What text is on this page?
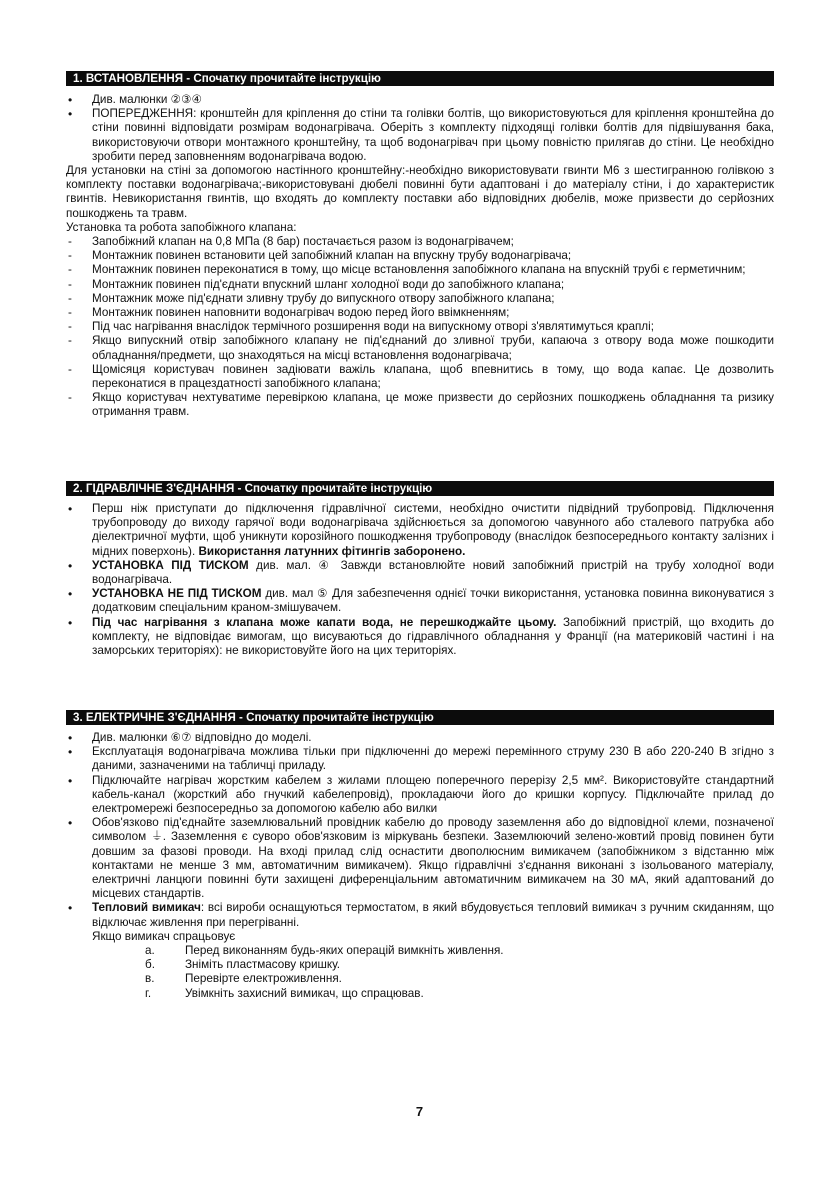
1. ВСТАНОВЛЕННЯ - Спочатку прочитайте інструкцію
• Див. малюнки ②③④
• ПОПЕРЕДЖЕННЯ: кронштейн для кріплення до стіни та голівки болтів, що використовуються для кріплення кронштейна до стіни повинні відповідати розмірам водонагрівача. Оберіть з комплекту підходящі голівки болтів для підвішування бака, використовуючи отвори монтажного кронштейну, та щоб водонагрівач при цьому повністю прилягав до стіни. Це необхідно зробити перед заповненням водонагрівача водою.

Для установки на стіні за допомогою настінного кронштейну:-необхідно використовувати гвинти М6 з шестигранною голівкою з комплекту поставки водонагрівача;-використовувані дюбелі повинні бути адаптовані і до матеріалу стіни, і до характеристик гвинтів. Невикористання гвинтів, що входять до комплекту поставки або відповідних дюбелів, може призвести до серйозних пошкоджень та травм.

Установка та робота запобіжного клапана:

- Запобіжний клапан на 0,8 МПа (8 бар) постачається разом із водонагрівачем;
- Монтажник повинен встановити цей запобіжний клапан на впускну трубу водонагрівача;
- Монтажник повинен переконатися в тому, що місце встановлення запобіжного клапана на впускній трубі є герметичним;
- Монтажник повинен під'єднати впускний шланг холодної води до запобіжного клапана;
- Монтажник може під'єднати зливну трубу до випускного отвору запобіжного клапана;
- Монтажник повинен наповнити водонагрівач водою перед його ввімкненням;
- Під час нагрівання внаслідок термічного розширення води на випускному отворі з'являтимуться краплі;
- Якщо випускний отвір запобіжного клапану не під'єднаний до зливної труби, капаюча з отвору вода може пошкодити обладнання/предмети, що знаходяться на місці встановлення водонагрівача;
- Щомісяця користувач повинен задіювати важіль клапана, щоб впевнитись в тому, що вода капає. Це дозволить переконатися в працездатності запобіжного клапана;
- Якщо користувач нехтуватиме перевіркою клапана, це може призвести до серйозних пошкоджень обладнання та ризику отримання травм.
2. ГІДРАВЛІЧНЕ З'ЄДНАННЯ - Спочатку прочитайте інструкцію
• Перш ніж приступати до підключення гідравлічної системи, необхідно очистити підвідний трубопровід. Підключення трубопроводу до виходу гарячої води водонагрівача здійснюється за допомогою чавунного або сталевого патрубка або діелектричної муфти, щоб уникнути корозійного пошкодження трубопроводу (внаслідок безпосереднього контакту залізних і мідних поверхонь). Використання латунних фітингів заборонено.
• УСТАНОВКА ПІД ТИСКОМ див. мал. ④ Завжди встановлюйте новий запобіжний пристрій на трубу холодної води водонагрівача.
• УСТАНОВКА НЕ ПІД ТИСКОМ див. мал ⑤ Для забезпечення однієї точки використання, установка повинна виконуватися з додатковим спеціальним краном-змішувачем.
• Під час нагрівання з клапана може капати вода, не перешкоджайте цьому. Запобіжний пристрій, що входить до комплекту, не відповідає вимогам, що висуваються до гідравлічного обладнання у Франції (на материковій частині і на заморських територіях): не використовуйте його на цих територіях.
3. ЕЛЕКТРИЧНЕ З'ЄДНАННЯ - Спочатку прочитайте інструкцію
• Див. малюнки ⑥⑦ відповідно до моделі.
• Експлуатація водонагрівача можлива тільки при підключенні до мережі перемінного струму 230 В або 220-240 В згідно з даними, зазначеними на табличці приладу.
• Підключайте нагрівач жорстким кабелем з жилами площею поперечного перерізу 2,5 мм². Використовуйте стандартний кабель-канал (жорсткий або гнучкий кабелепровід), прокладаючи його до кришки корпусу. Підключайте прилад до електромережі безпосередньо за допомогою кабелю або вилки
• Обов'язково під'єднайте заземлювальний провідник кабелю до проводу заземлення або до відповідної клеми, позначеної символом ⏚. Заземлення є суворо обов'язковим із міркувань безпеки. Заземлюючий зелено-жовтий провід повинен бути довшим за фазові проводи. На вході прилад слід оснастити двополюсним вимикачем (запобіжником з відстанню між контактами не менше 3 мм, автоматичним вимикачем). Якщо гідравлічні з'єднання виконані з ізольованого матеріалу, електричні ланцюги повинні бути захищені диференціальним автоматичним вимикачем на 30 мА, який адаптований до місцевих стандартів.
• Тепловий вимикач: всі вироби оснащуються термостатом, в який вбудовується тепловий вимикач з ручним скиданням, що відключає живлення при перегріванні.
Якщо вимикач спрацьовує
а.	Перед виконанням будь-яких операцій вимкніть живлення.
б.	Зніміть пластмасову кришку.
в.	Перевірте електроживлення.
г.	Увімкніть захисний вимикач, що спрацював.
7
